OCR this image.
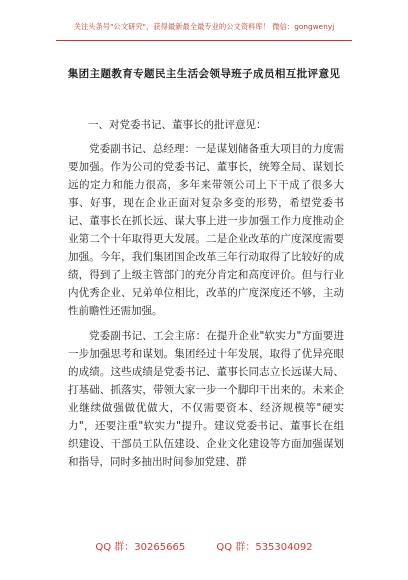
关注头条号"公文研究"，获得最新最全最专业的公文资料库！ 微信：gongwenyj
集团主题教育专题民主生活会领导班子成员相互批评意见

一、对党委书记、董事长的批评意见：

党委副书记、总经理：一是谋划储备重大项目的力度需要加强。作为公司的党委书记、董事长，统筹全局、谋划长远的定力和能力很高，多年来带领公司上下干成了很多大事、好事，现在企业正面对复杂多变的形势，希望党委书记、董事长在抓长远、谋大事上进一步加强工作力度推动企业第二个十年取得更大发展。二是企业改革的广度深度需要加强。今年，我们集团国企改革三年行动取得了比较好的成绩，得到了上级主管部门的充分肯定和高度评价。但与行业内优秀企业、兄弟单位相比，改革的广度深度还不够，主动性前瞻性还需加强。

党委副书记、工会主席：在提升企业"软实力"方面要进一步加强思考和谋划。集团经过十年发展，取得了优异亮眼的成绩。这些成绩是党委书记、董事长同志立长远谋大局、打基础、抓落实，带领大家一步一个脚印干出来的。未来企业继续做强做优做大，不仅需要资本、经济规模等"硬实力"，还要注重"软实力"提升。建议党委书记、董事长在组织建设、干部员工队伍建设、企业文化建设等方面加强谋划和指导，同时多抽出时间参加党建、群

QQ 群：30265665	QQ 群：535304092
